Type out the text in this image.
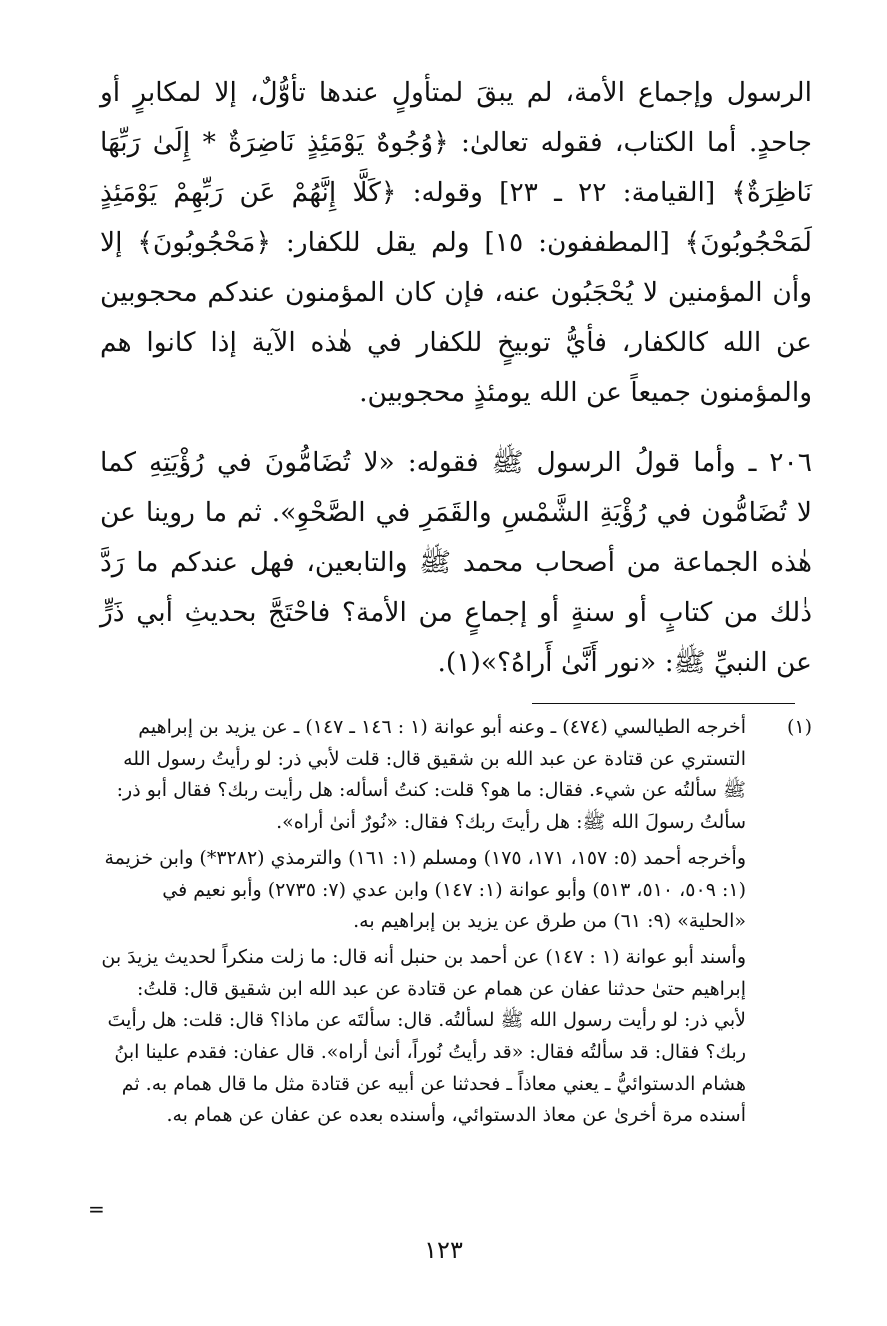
الرسول وإجماع الأمة، لم يبقَ لمتأولٍ عندها تأوُّلٌ، إلا لمكابرٍ أو
جاحدٍ. أما الكتاب، فقوله تعالىٰ: ﴿وُجُوهٌ يَوْمَئِذٍ نَاضِرَةٌ * إِلَىٰ رَبِّهَا
نَاظِرَةٌ﴾ [القيامة: ٢٢ ـ ٢٣] وقوله: ﴿كَلَّا إِنَّهُمْ عَن رَبِّهِمْ يَوْمَئِذٍ
لَمَحْجُوبُونَ﴾ [المطففون: ١٥] ولم يقل للكفار: ﴿مَحْجُوبُونَ﴾ إلا
وأن المؤمنين لا يُحْجَبُون عنه، فإن كان المؤمنون عندكم محجوبين
عن الله كالكفار، فأيُّ توبيخٍ للكفار في هٰذه الآية إذا كانوا هم
والمؤمنون جميعاً عن الله يومئذٍ محجوبين.

٢٠٦ ـ وأما قولُ الرسول ﷺ فقوله: «لا تُضَامُّونَ في رُؤْيَتِهِ كما
لا تُضَامُّون في رُؤْيَةِ الشَّمْسِ والقَمَرِ في الصَّحْوِ». ثم ما روينا عن
هٰذه الجماعة من أصحاب محمد ﷺ والتابعين، فهل عندكم ما رَدَّ
ذٰلك من كتابٍ أو سنةٍ أو إجماعٍ من الأمة؟ فاحْتَجَّ بحديثِ أبي ذَرٍّ
عن النبيِّ ﷺ: «نور أَنَّىٰ أَراهُ؟»(١).

(١)

أخرجه الطيالسي (٤٧٤) ـ وعنه أبو عوانة (١ : ١٤٦ ـ ١٤٧) ـ عن يزيد بن إبراهيم التستري عن قتادة عن عبد الله بن شقيق قال: قلت لأبي ذر: لو رأيتُ رسول الله ﷺ سألتُه عن شيء. فقال: ما هو؟ قلت: كنتُ أسأله: هل رأيت ربك؟ فقال أبو ذر: سألتُ رسولَ الله ﷺ: هل رأيتَ ربك؟ فقال: «نُورٌ أنىٰ أراه».

وأخرجه أحمد (٥: ١٥٧، ١٧١، ١٧٥) ومسلم (١: ١٦١) والترمذي (٣٢٨٢*) وابن خزيمة (١: ٥٠٩، ٥١٠، ٥١٣) وأبو عوانة (١: ١٤٧) وابن عدي (٧: ٢٧٣٥) وأبو نعيم في «الحلية» (٩: ٦١) من طرق عن يزيد بن إبراهيم به.

وأسند أبو عوانة (١ : ١٤٧) عن أحمد بن حنبل أنه قال: ما زلت منكراً لحديث يزيدَ بن إبراهيم حتىٰ حدثنا عفان عن همام عن قتادة عن عبد الله ابن شقيق قال: قلتُ: لأبي ذر: لو رأيت رسول الله ﷺ لسألتُه. قال: سألتَه عن ماذا؟ قال: قلت: هل رأيتَ ربك؟ فقال: قد سألتُه فقال: «قد رأيتُ نُوراً، أنىٰ أراه». قال عفان: فقدم علينا ابنُ هشام الدستوائيُّ ـ يعني معاذاً ـ فحدثنا عن أبيه عن قتادة مثل ما قال همام به. ثم أسنده مرة أخرىٰ عن معاذ الدستوائي، وأسنده بعده عن عفان عن همام به.

=
١٢٣
